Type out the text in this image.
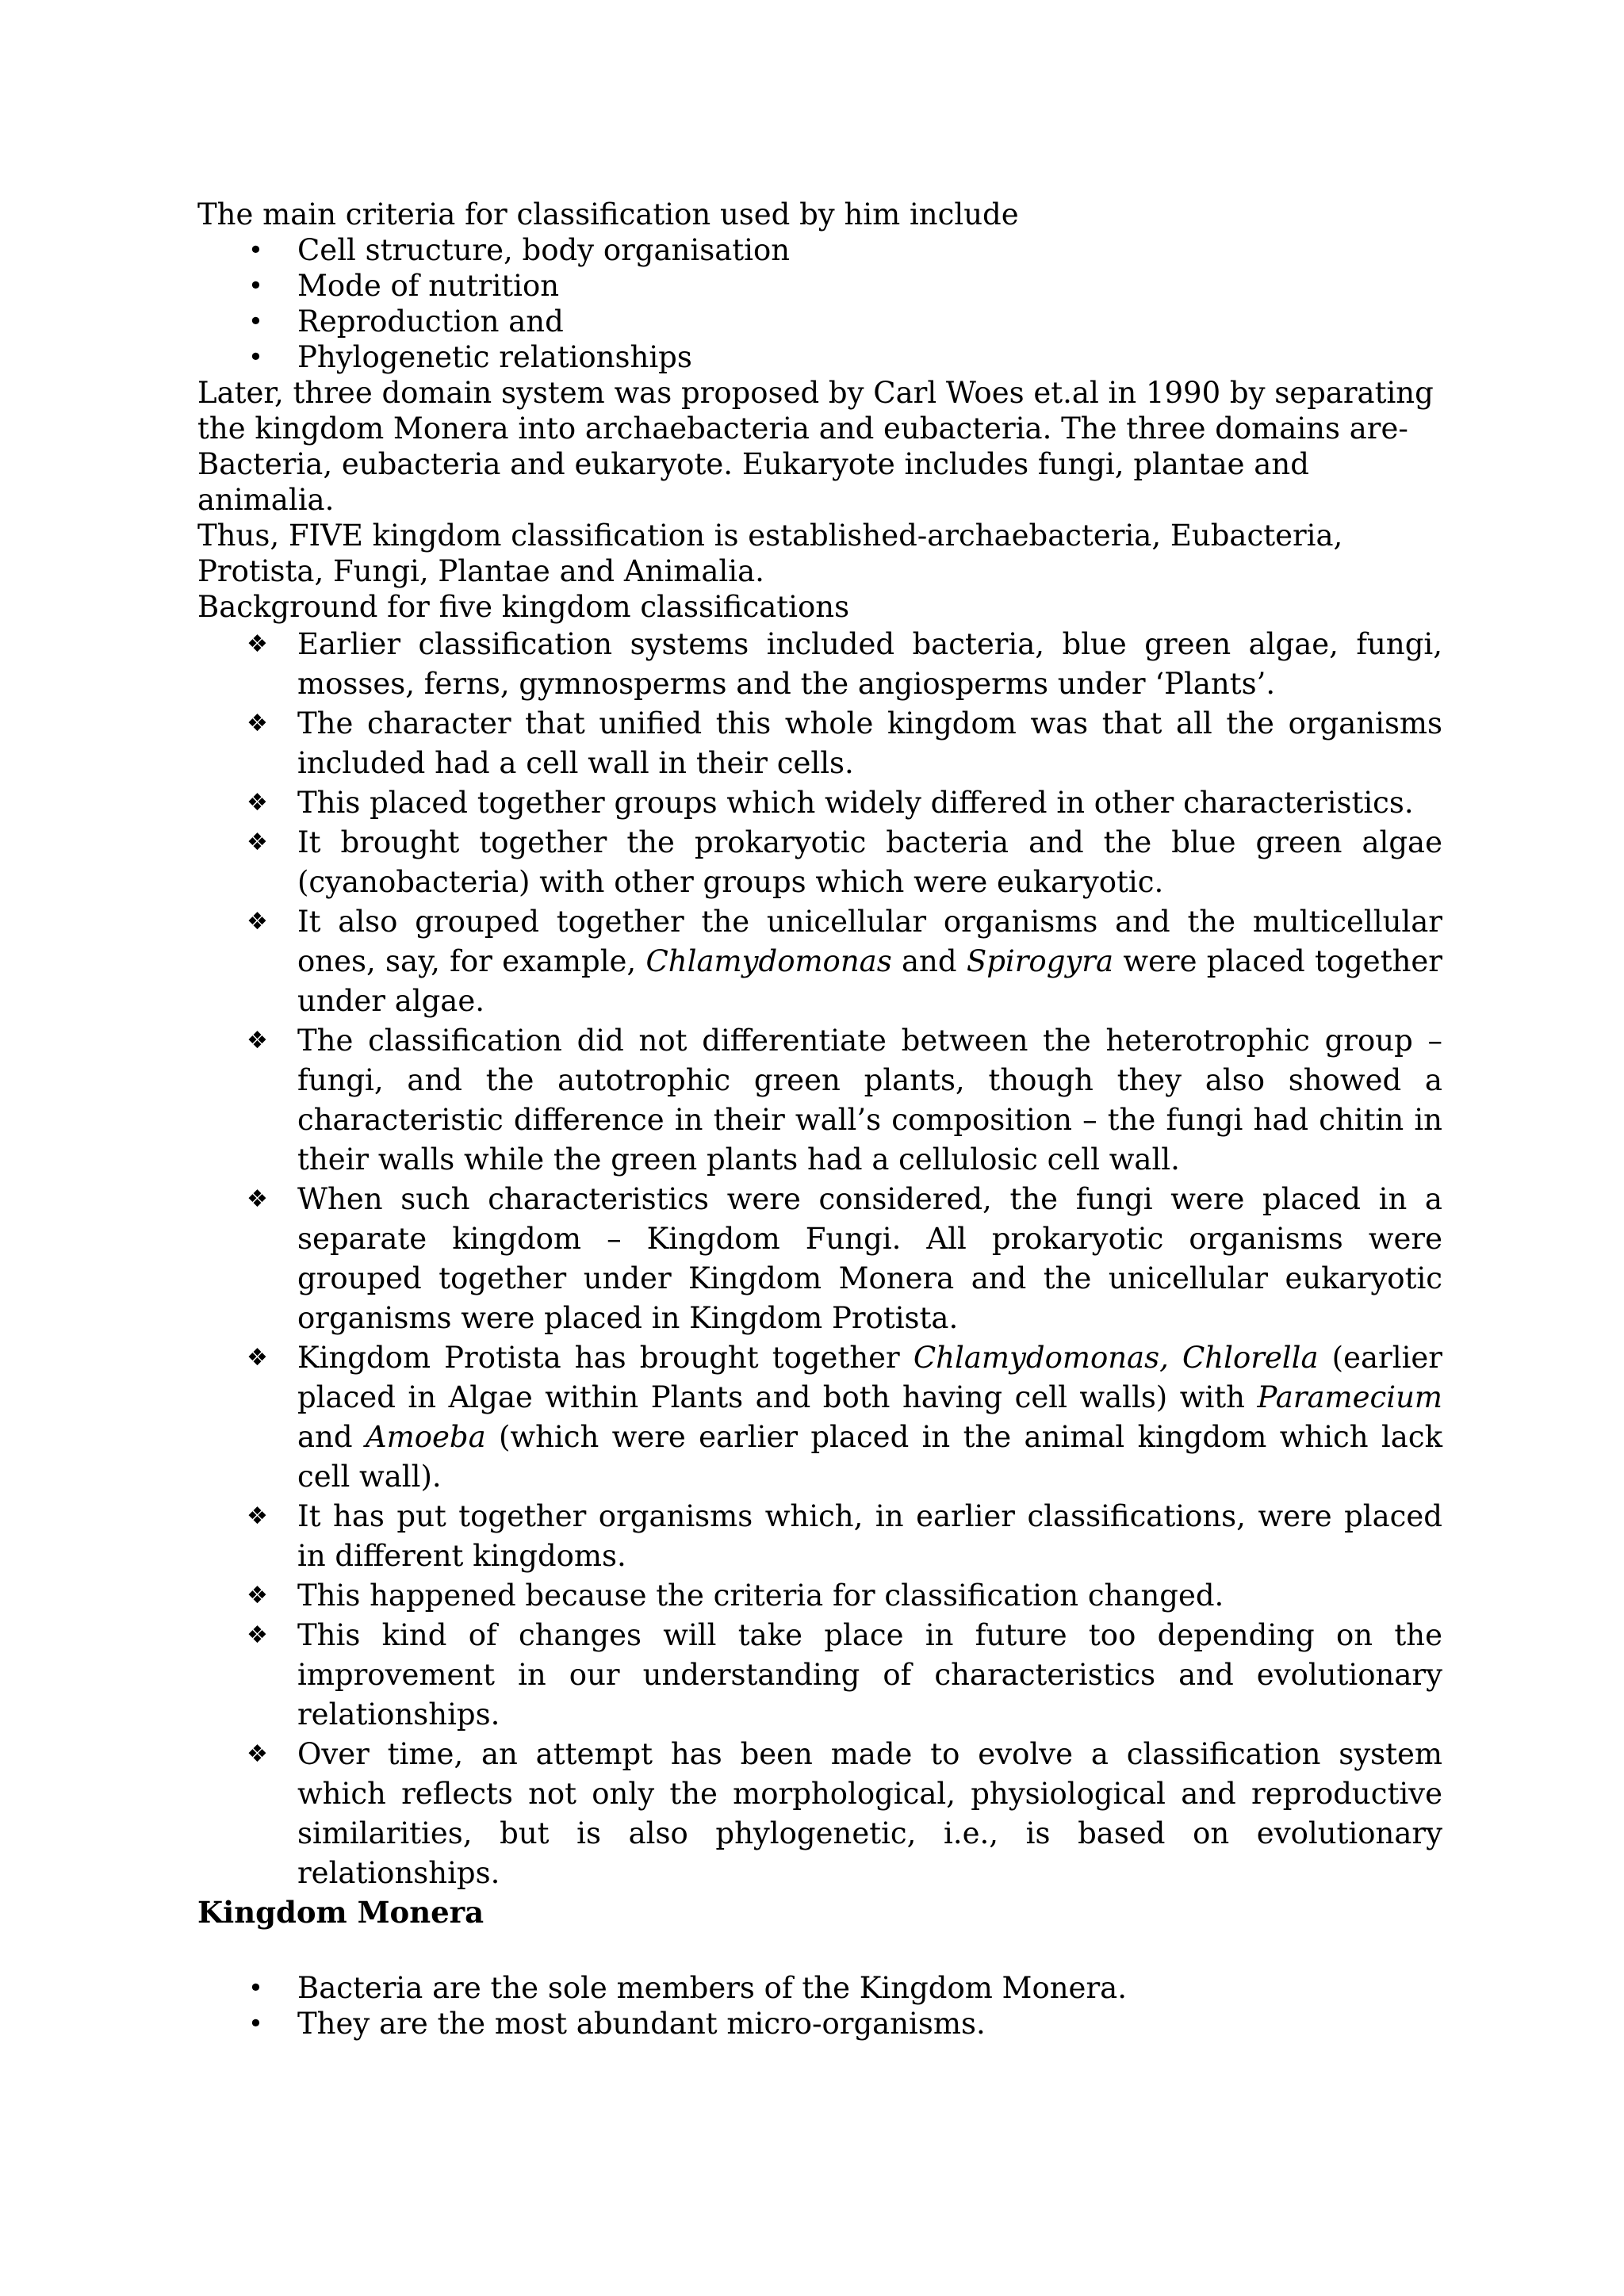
The main criteria for classification used by him include

• Cell structure, body organisation
• Mode of nutrition
• Reproduction and
• Phylogenetic relationships

Later, three domain system was proposed by Carl Woes et.al in 1990 by separating the kingdom Monera into archaebacteria and eubacteria. The three domains are-Bacteria, eubacteria and eukaryote. Eukaryote includes fungi, plantae and animalia.

Thus, FIVE kingdom classification is established-archaebacteria, Eubacteria, Protista, Fungi, Plantae and Animalia.

Background for five kingdom classifications

❖ Earlier classification systems included bacteria, blue green algae, fungi, mosses, ferns, gymnosperms and the angiosperms under ‘Plants’.
❖ The character that unified this whole kingdom was that all the organisms included had a cell wall in their cells.
❖ This placed together groups which widely differed in other characteristics.
❖ It brought together the prokaryotic bacteria and the blue green algae (cyanobacteria) with other groups which were eukaryotic.
❖ It also grouped together the unicellular organisms and the multicellular ones, say, for example, Chlamydomonas and Spirogyra were placed together under algae.
❖ The classification did not differentiate between the heterotrophic group – fungi, and the autotrophic green plants, though they also showed a characteristic difference in their wall’s composition – the fungi had chitin in their walls while the green plants had a cellulosic cell wall.
❖ When such characteristics were considered, the fungi were placed in a separate kingdom – Kingdom Fungi. All prokaryotic organisms were grouped together under Kingdom Monera and the unicellular eukaryotic organisms were placed in Kingdom Protista.
❖ Kingdom Protista has brought together Chlamydomonas, Chlorella (earlier placed in Algae within Plants and both having cell walls) with Paramecium and Amoeba (which were earlier placed in the animal kingdom which lack cell wall).
❖ It has put together organisms which, in earlier classifications, were placed in different kingdoms.
❖ This happened because the criteria for classification changed.
❖ This kind of changes will take place in future too depending on the improvement in our understanding of characteristics and evolutionary relationships.
❖ Over time, an attempt has been made to evolve a classification system which reflects not only the morphological, physiological and reproductive similarities, but is also phylogenetic, i.e., is based on evolutionary relationships.

Kingdom Monera

• Bacteria are the sole members of the Kingdom Monera.
• They are the most abundant micro-organisms.
